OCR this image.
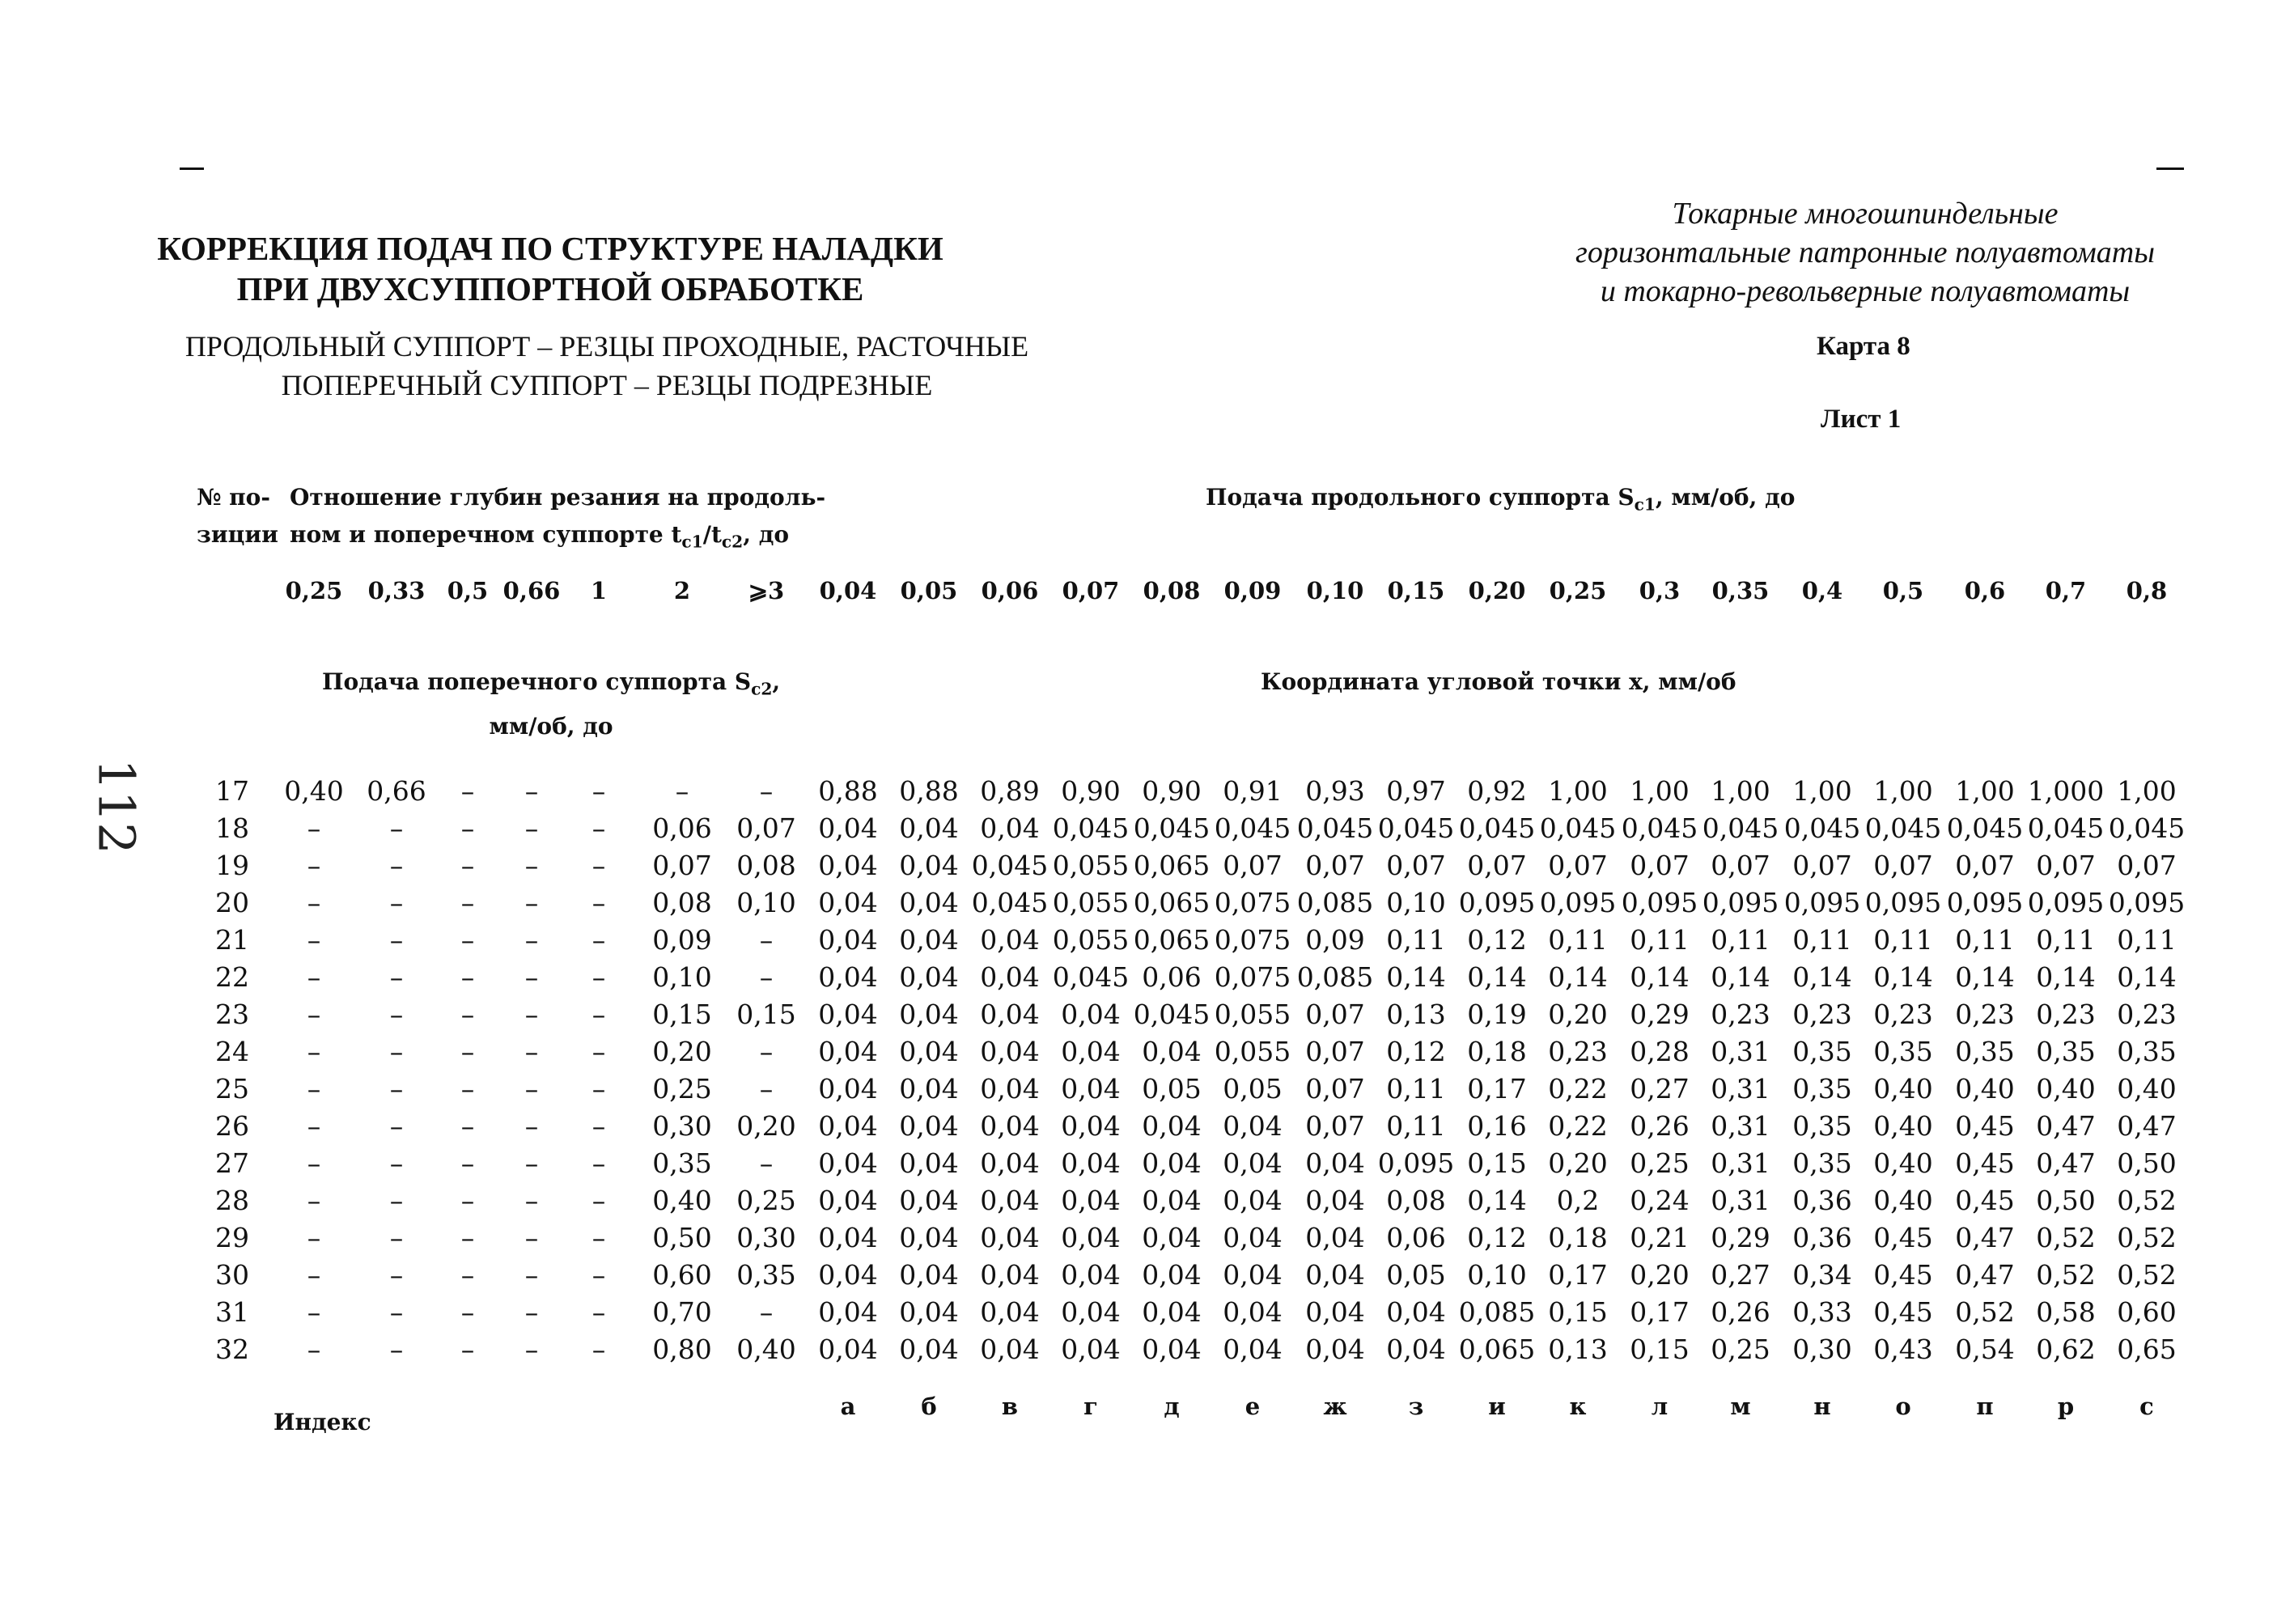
КОРРЕКЦИЯ ПОДАЧ ПО СТРУКТУРЕ НАЛАДКИ
ПРИ ДВУХСУППОРТНОЙ ОБРАБОТКЕ
ПРОДОЛЬНЫЙ СУППОРТ – РЕЗЦЫ ПРОХОДНЫЕ, РАСТОЧНЫЕ
ПОПЕРЕЧНЫЙ СУППОРТ – РЕЗЦЫ ПОДРЕЗНЫЕ
Токарные многошпиндельные
горизонтальные патронные полуавтоматы
и токарно-револьверные полуавтоматы
Карта 8
Лист 1
112
№ по-
зиции
Отношение глубин резания на продоль-
ном и поперечном суппорте $t_{c1}/t_{c2}$, до
Подача продольного суппорта $S_{c1}$, мм/об, до
Подача поперечного суппорта $S_{c2}$,
мм/об, до
Координата угловой точки х, мм/об
Индекс
0,25	0,33 0,5 0,66	1	2	⩾3	0,04	0,05	0,06	0,07	0,08	0,09	0,10	0,15	0,20	0,25	0,3	0,35	0,4	0,5	0,6	0,7	0,8
17 0,40 0,66	–	–	–	–	–	0,88 0,88 0,89 0,90 0,90 0,91 0,93 0,97 0,92 1,00 1,00 1,00 1,00 1,00 1,00 1,000 1,00
18	–	–	–	–	–	0,06 0,07 0,04 0,04 0,04 0,045 0,045 0,045 0,045 0,045 0,045 0,045 0,045 0,045 0,045 0,045 0,045 0,045 0,045
19	–	–	–	–	–	0,07 0,08 0,04 0,04 0,045 0,055 0,065 0,07 0,07 0,07 0,07 0,07 0,07 0,07 0,07 0,07 0,07 0,07 0,07
20	–	–	–	–	–	0,08 0,10 0,04 0,04 0,045 0,055 0,065 0,075 0,085 0,10 0,095 0,095 0,095 0,095 0,095 0,095 0,095 0,095 0,095
21	–	–	–	–	–	0,09	–	0,04 0,04 0,04 0,055 0,065 0,075 0,09 0,11 0,12 0,11 0,11 0,11 0,11 0,11 0,11 0,11 0,11
22	–	–	–	–	–	0,10	–	0,04 0,04 0,04 0,045 0,06 0,075 0,085 0,14 0,14 0,14 0,14 0,14 0,14 0,14 0,14 0,14 0,14
23	–	–	–	–	–	0,15 0,15 0,04 0,04 0,04 0,04 0,045 0,055 0,07 0,13 0,19 0,20 0,29 0,23 0,23 0,23 0,23 0,23 0,23
24	–	–	–	–	–	0,20	–	0,04 0,04 0,04 0,04 0,04 0,055 0,07 0,12 0,18 0,23 0,28 0,31 0,35 0,35 0,35 0,35 0,35
25	–	–	–	–	–	0,25	–	0,04 0,04 0,04 0,04 0,05 0,05 0,07 0,11 0,17 0,22 0,27 0,31 0,35 0,40 0,40 0,40 0,40
26	–	–	–	–	–	0,30 0,20 0,04 0,04 0,04 0,04 0,04 0,04 0,07 0,11 0,16 0,22 0,26 0,31 0,35 0,40 0,45 0,47 0,47
27	–	–	–	–	–	0,35	–	0,04 0,04 0,04 0,04 0,04 0,04 0,04 0,095 0,15 0,20 0,25 0,31 0,35 0,40 0,45 0,47 0,50
28	–	–	–	–	–	0,40 0,25 0,04 0,04 0,04 0,04 0,04 0,04 0,04 0,08 0,14	0,2	0,24 0,31 0,36 0,40 0,45 0,50 0,52
29	–	–	–	–	–	0,50 0,30 0,04 0,04 0,04 0,04 0,04 0,04 0,04 0,06 0,12 0,18 0,21 0,29 0,36 0,45 0,47 0,52 0,52
30	–	–	–	–	–	0,60 0,35 0,04 0,04 0,04 0,04 0,04 0,04 0,04 0,05 0,10 0,17 0,20 0,27 0,34 0,45 0,47 0,52 0,52
31	–	–	–	–	–	0,70	–	0,04 0,04 0,04 0,04 0,04 0,04 0,04 0,04 0,085 0,15 0,17 0,26 0,33 0,45 0,52 0,58 0,60
32	–	–	–	–	–	0,80 0,40 0,04 0,04 0,04 0,04 0,04 0,04 0,04 0,04 0,065 0,13 0,15 0,25 0,30 0,43 0,54 0,62 0,65
а	б	в	г	д	е	ж	з	и	к	л	м	н	о	п	р	с
